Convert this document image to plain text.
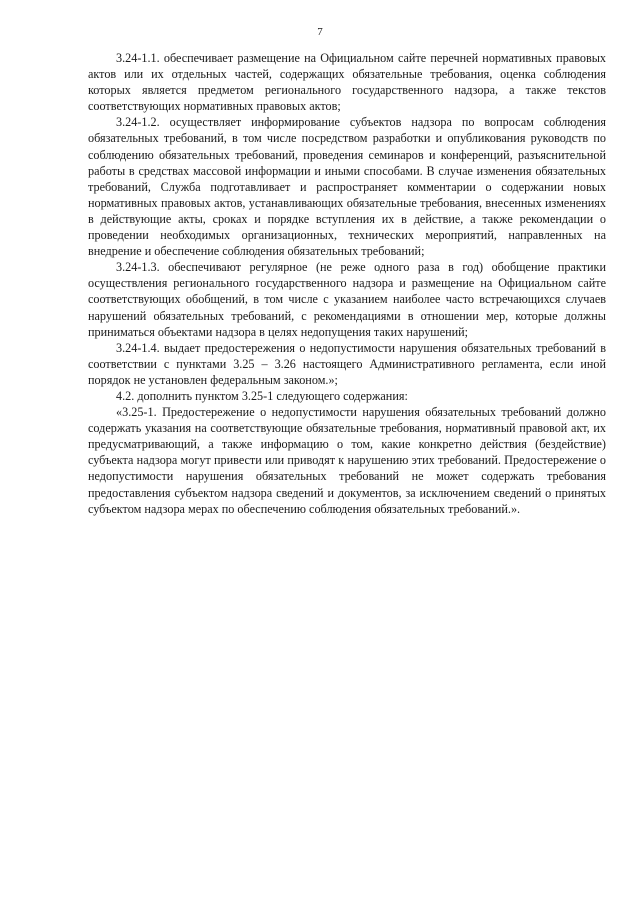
7

3.24-1.1. обеспечивает размещение на Официальном сайте перечней нормативных правовых актов или их отдельных частей, содержащих обязательные требования, оценка соблюдения которых является предметом регионального государственного надзора, а также текстов соответствующих нормативных правовых актов;

3.24-1.2. осуществляет информирование субъектов надзора по вопросам соблюдения обязательных требований, в том числе посредством разработки и опубликования руководств по соблюдению обязательных требований, проведения семинаров и конференций, разъяснительной работы в средствах массовой информации и иными способами. В случае изменения обязательных требований, Служба подготавливает и распространяет комментарии о содержании новых нормативных правовых актов, устанавливающих обязательные требования, внесенных изменениях в действующие акты, сроках и порядке вступления их в действие, а также рекомендации о проведении необходимых организационных, технических мероприятий, направленных на внедрение и обеспечение соблюдения обязательных требований;

3.24-1.3. обеспечивают регулярное (не реже одного раза в год) обобщение практики осуществления регионального государственного надзора и размещение на Официальном сайте соответствующих обобщений, в том числе с указанием наиболее часто встречающихся случаев нарушений обязательных требований, с рекомендациями в отношении мер, которые должны приниматься объектами надзора в целях недопущения таких нарушений;

3.24-1.4. выдает предостережения о недопустимости нарушения обязательных требований в соответствии с пунктами 3.25 – 3.26 настоящего Административного регламента, если иной порядок не установлен федеральным законом.»;

4.2. дополнить пунктом 3.25-1 следующего содержания:

«3.25-1. Предостережение о недопустимости нарушения обязательных требований должно содержать указания на соответствующие обязательные требования, нормативный правовой акт, их предусматривающий, а также информацию о том, какие конкретно действия (бездействие) субъекта надзора могут привести или приводят к нарушению этих требований. Предостережение о недопустимости нарушения обязательных требований не может содержать требования предоставления субъектом надзора сведений и документов, за исключением сведений о принятых субъектом надзора мерах по обеспечению соблюдения обязательных требований.».
